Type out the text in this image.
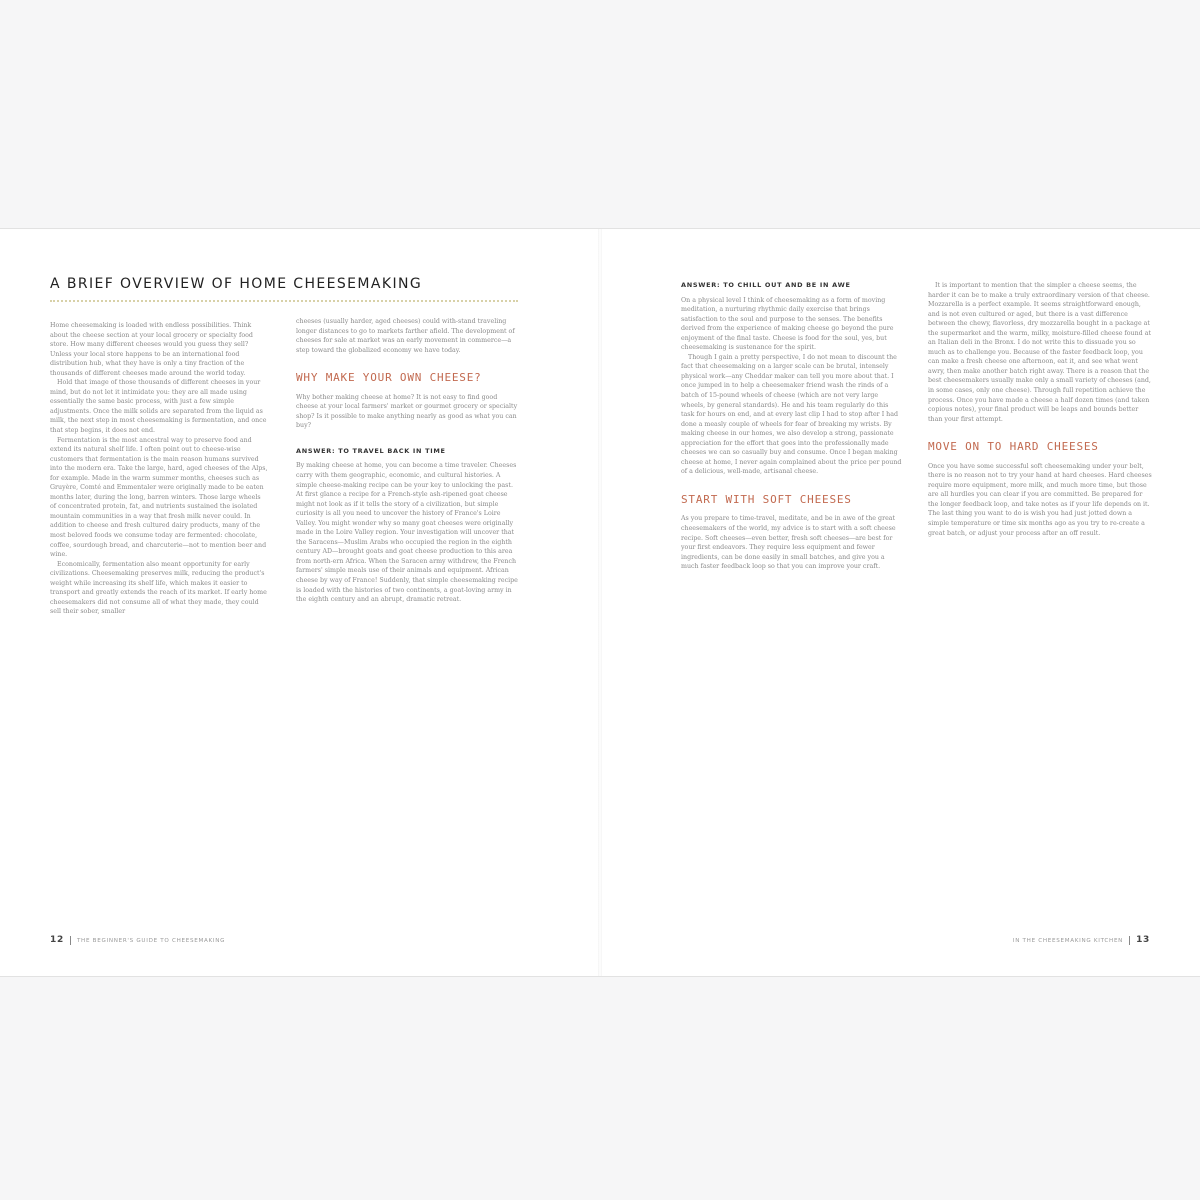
A BRIEF OVERVIEW OF HOME CHEESEMAKING

Home cheesemaking is loaded with endless possibilities. Think about the cheese section at your local grocery or specialty food store. How many different cheeses would you guess they sell? Unless your local store happens to be an international food distribution hub, what they have is only a tiny fraction of the thousands of different cheeses made around the world today.

Hold that image of those thousands of different cheeses in your mind, but do not let it intimidate you: they are all made using essentially the same basic process, with just a few simple adjustments. Once the milk solids are separated from the liquid as milk, the next step in most cheesemaking is fermentation, and once that step begins, it does not end.

Fermentation is the most ancestral way to preserve food and extend its natural shelf life. I often point out to cheese-wise customers that fermentation is the main reason humans survived into the modern era. Take the large, hard, aged cheeses of the Alps, for example. Made in the warm summer months, cheeses such as Gruyère, Comté and Emmentaler were originally made to be eaten months later, during the long, barren winters. Those large wheels of concentrated protein, fat, and nutrients sustained the isolated mountain communities in a way that fresh milk never could. In addition to cheese and fresh cultured dairy products, many of the most beloved foods we consume today are fermented: chocolate, coffee, sourdough bread, and charcuterie—not to mention beer and wine.

Economically, fermentation also meant opportunity for early civilizations. Cheesemaking preserves milk, reducing the product's weight while increasing its shelf life, which makes it easier to transport and greatly extends the reach of its market. If early home cheesemakers did not consume all of what they made, they could sell their sober, smaller

cheeses (usually harder, aged cheeses) could with-stand traveling longer distances to go to markets farther afield. The development of cheeses for sale at market was an early movement in commerce—a step toward the globalized economy we have today.

WHY MAKE YOUR OWN CHEESE?

Why bother making cheese at home? It is not easy to find good cheese at your local farmers' market or gourmet grocery or specialty shop? Is it possible to make anything nearly as good as what you can buy?

ANSWER: TO TRAVEL BACK IN TIME

By making cheese at home, you can become a time traveler. Cheeses carry with them geographic, economic, and cultural histories. A simple cheese-making recipe can be your key to unlocking the past. At first glance a recipe for a French-style ash-ripened goat cheese might not look as if it tells the story of a civilization, but simple curiosity is all you need to uncover the history of France's Loire Valley. You might wonder why so many goat cheeses were originally made in the Loire Valley region. Your investigation will uncover that the Saracens—Muslim Arabs who occupied the region in the eighth century AD—brought goats and goat cheese production to this area from north-ern Africa. When the Saracen army withdrew, the French farmers' simple meals use of their animals and equipment. African cheese by way of France! Suddenly, that simple cheesemaking recipe is loaded with the histories of two continents, a goat-loving army in the eighth century and an abrupt, dramatic retreat.

ANSWER: TO CHILL OUT AND BE IN AWE

On a physical level I think of cheesemaking as a form of moving meditation, a nurturing rhythmic daily exercise that brings satisfaction to the soul and purpose to the senses. The benefits derived from the experience of making cheese go beyond the pure enjoyment of the final taste. Cheese is food for the soul, yes, but cheesemaking is sustenance for the spirit.

Though I gain a pretty perspective, I do not mean to discount the fact that cheesemaking on a larger scale can be brutal, intensely physical work—any Cheddar maker can tell you more about that. I once jumped in to help a cheesemaker friend wash the rinds of a batch of 15-pound wheels of cheese (which are not very large wheels, by general standards). He and his team regularly do this task for hours on end, and at every last clip I had to stop after I had done a measly couple of wheels for fear of breaking my wrists. By making cheese in our homes, we also develop a strong, passionate appreciation for the effort that goes into the professionally made cheeses we can so casually buy and consume. Once I began making cheese at home, I never again complained about the price per pound of a delicious, well-made, artisanal cheese.

START WITH SOFT CHEESES

As you prepare to time-travel, meditate, and be in awe of the great cheesemakers of the world, my advice is to start with a soft cheese recipe. Soft cheeses—even better, fresh soft cheeses—are best for your first endeavors. They require less equipment and fewer ingredients, can be done easily in small batches, and give you a much faster feedback loop so that you can improve your craft.

It is important to mention that the simpler a cheese seems, the harder it can be to make a truly extraordinary version of that cheese. Mozzarella is a perfect example. It seems straightforward enough, and is not even cultured or aged, but there is a vast difference between the chewy, flavorless, dry mozzarella bought in a package at the supermarket and the warm, milky, moisture-filled cheese found at an Italian deli in the Bronx. I do not write this to dissuade you so much as to challenge you. Because of the faster feedback loop, you can make a fresh cheese one afternoon, eat it, and see what went awry, then make another batch right away. There is a reason that the best cheesemakers usually make only a small variety of cheeses (and, in some cases, only one cheese). Through full repetition achieve the process. Once you have made a cheese a half dozen times (and taken copious notes), your final product will be leaps and bounds better than your first attempt.

MOVE ON TO HARD CHEESES

Once you have some successful soft cheesemaking under your belt, there is no reason not to try your hand at hard cheeses. Hard cheeses require more equipment, more milk, and much more time, but those are all hurdles you can clear if you are committed. Be prepared for the longer feedback loop, and take notes as if your life depends on it. The last thing you want to do is wish you had just jotted down a simple temperature or time six months ago as you try to re-create a great batch, or adjust your process after an off result.

12 THE BEGINNER'S GUIDE TO CHEESEMAKING	IN THE CHEESEMAKING KITCHEN 13
